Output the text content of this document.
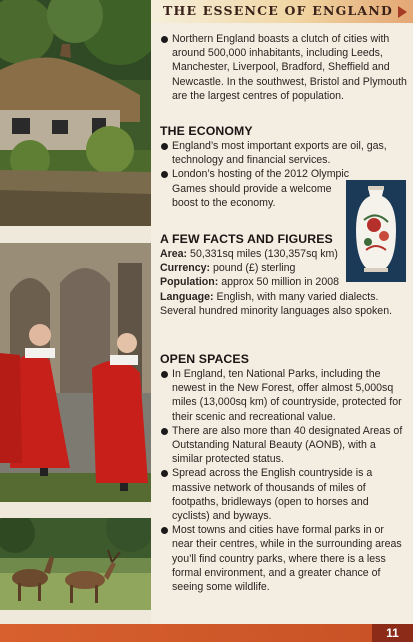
THE ESSENCE OF ENGLAND

Northern England boasts a clutch of cities with around 500,000 inhabitants, including Leeds, Manchester, Liverpool, Bradford, Sheffield and Newcastle. In the southwest, Bristol and Plymouth are the largest centres of population.

THE ECONOMY

England’s most important exports are oil, gas, technology and financial services.

London’s hosting of the 2012 Olympic Games should provide a welcome boost to the economy.

A FEW FACTS AND FIGURES

Area: 50,331sq miles (130,357sq km)

Currency: pound (£) sterling

Population: approx 50 million in 2008

Language: English, with many varied dialects. Several hundred minority languages also spoken.

OPEN SPACES

In England, ten National Parks, including the newest in the New Forest, offer almost 5,000sq miles (13,000sq km) of countryside, protected for their scenic and recreational value.

There are also more than 40 designated Areas of Outstanding Natural Beauty (AONB), with a similar protected status.

Spread across the English countryside is a massive network of thousands of miles of footpaths, bridleways (open to horses and cyclists) and byways.

Most towns and cities have formal parks in or near their centres, while in the surrounding areas you’ll find country parks, where there is a less formal environment, and a greater chance of seeing some wildlife.

11
